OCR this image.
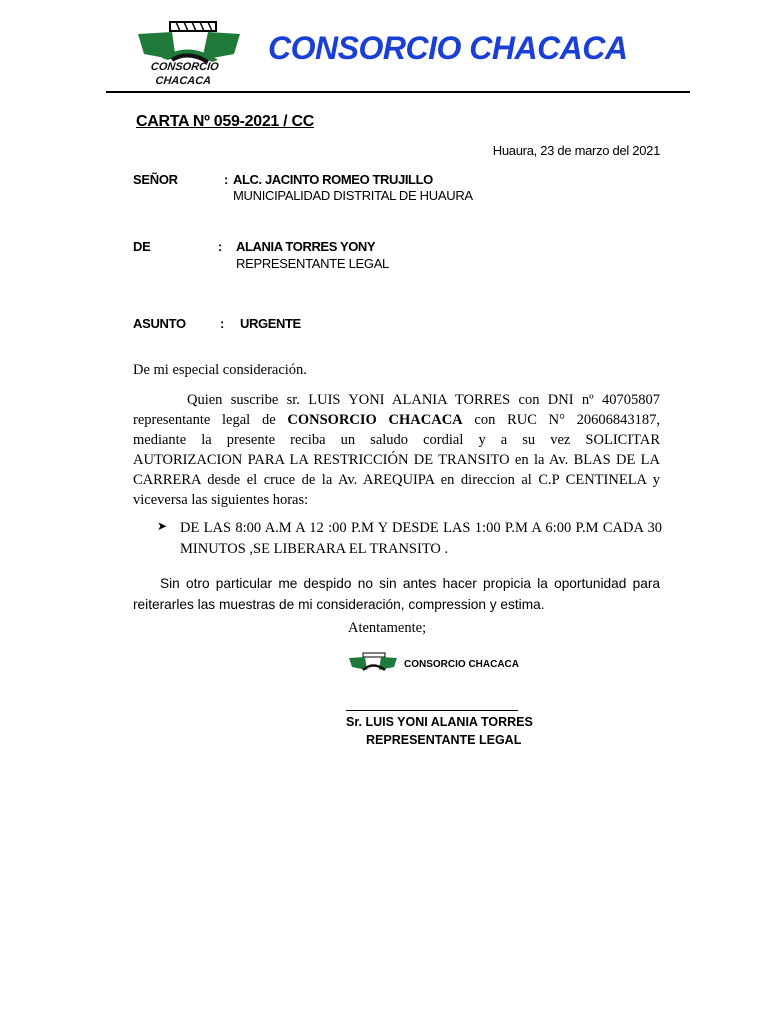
CONSORCIO
CHACACA
CONSORCIO CHACACA
CARTA Nº 059-2021 / CC
Huaura, 23 de marzo del 2021
SEÑOR	: ALC. JACINTO ROMEO TRUJILLO
MUNICIPALIDAD DISTRITAL DE HUAURA
DE	: ALANIA TORRES YONY
REPRESENTANTE LEGAL
ASUNTO	: URGENTE

De mi especial consideración.

Quien suscribe sr. LUIS YONI ALANIA TORRES con DNI nº 40705807

representante legal de CONSORCIO CHACACA con RUC N° 20606843187,

mediante la presente reciba un saludo cordial y a su vez SOLICITAR

AUTORIZACION PARA LA RESTRICCIÓN DE TRANSITO en la Av. BLAS DE LA

CARRERA desde el cruce de la Av. AREQUIPA en direccion al C.P CENTINELA y

viceversa las siguientes horas:

➤ DE LAS 8:00 A.M A 12 :00 P.M Y DESDE LAS 1:00 P.M A 6:00 P.M CADA 30
MINUTOS ,SE LIBERARA EL TRANSITO .
Sin otro particular me despido no sin antes hacer propicia la oportunidad para
reiterarles las muestras de mi consideración, compression y estima.
Atentamente;
CONSORCIO CHACACA
Sr. LUIS YONI ALANIA TORRES
REPRESENTANTE LEGAL
